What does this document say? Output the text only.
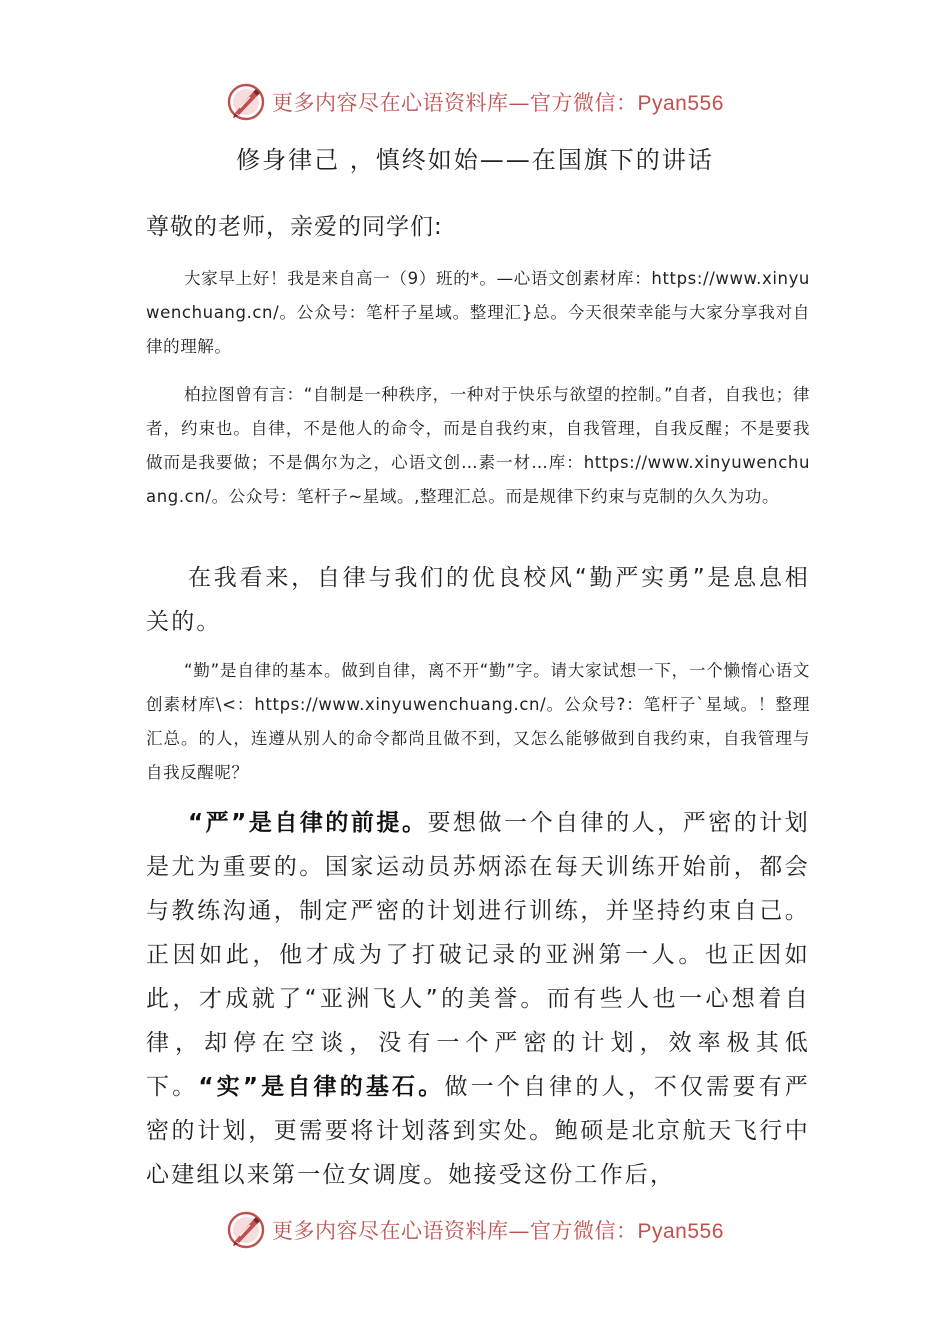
更多内容尽在心语资料库—官方微信：Pyan556
修身律己 ，慎终如始——在国旗下的讲话
尊敬的老师，亲爱的同学们:

大家早上好！我是来自高一（9）班的*。—心语文创素材库：https://www.xinyuwenchuang.cn/。公众号：笔杆子星域。整理汇}总。今天很荣幸能与大家分享我对自律的理解。

柏拉图曾有言：“自制是一种秩序，一种对于快乐与欲望的控制。”自者，自我也；律者，约束也。自律，不是他人的命令，而是自我约束，自我管理，自我反醒；不是要我做而是我要做；不是偶尔为之，心语文创…素一材…库：https://www.xinyuwenchuang.cn/。公众号：笔杆子~星域。,整理汇总。而是规律下约束与克制的久久为功。

在我看来，自律与我们的优良校风“勤严实勇”是息息相关的。

“勤”是自律的基本。做到自律，离不开“勤”字。请大家试想一下，一个懒惰心语文创素材库\<：https://www.xinyuwenchuang.cn/。公众号?：笔杆子`星域。！整理汇总。的人，连遵从别人的命令都尚且做不到，又怎么能够做到自我约束，自我管理与自我反醒呢？

“严”是自律的前提。要想做一个自律的人，严密的计划是尤为重要的。国家运动员苏炳添在每天训练开始前，都会与教练沟通，制定严密的计划进行训练，并坚持约束自己。正因如此，他才成为了打破记录的亚洲第一人。也正因如此，才成就了“亚洲飞人”的美誉。而有些人也一心想着自律，却停在空谈，没有一个严密的计划，效率极其低下。“实”是自律的基石。做一个自律的人，不仅需要有严密的计划，更需要将计划落到实处。鲍硕是北京航天飞行中心建组以来第一位女调度。她接受这份工作后，

更多内容尽在心语资料库—官方微信：Pyan556
